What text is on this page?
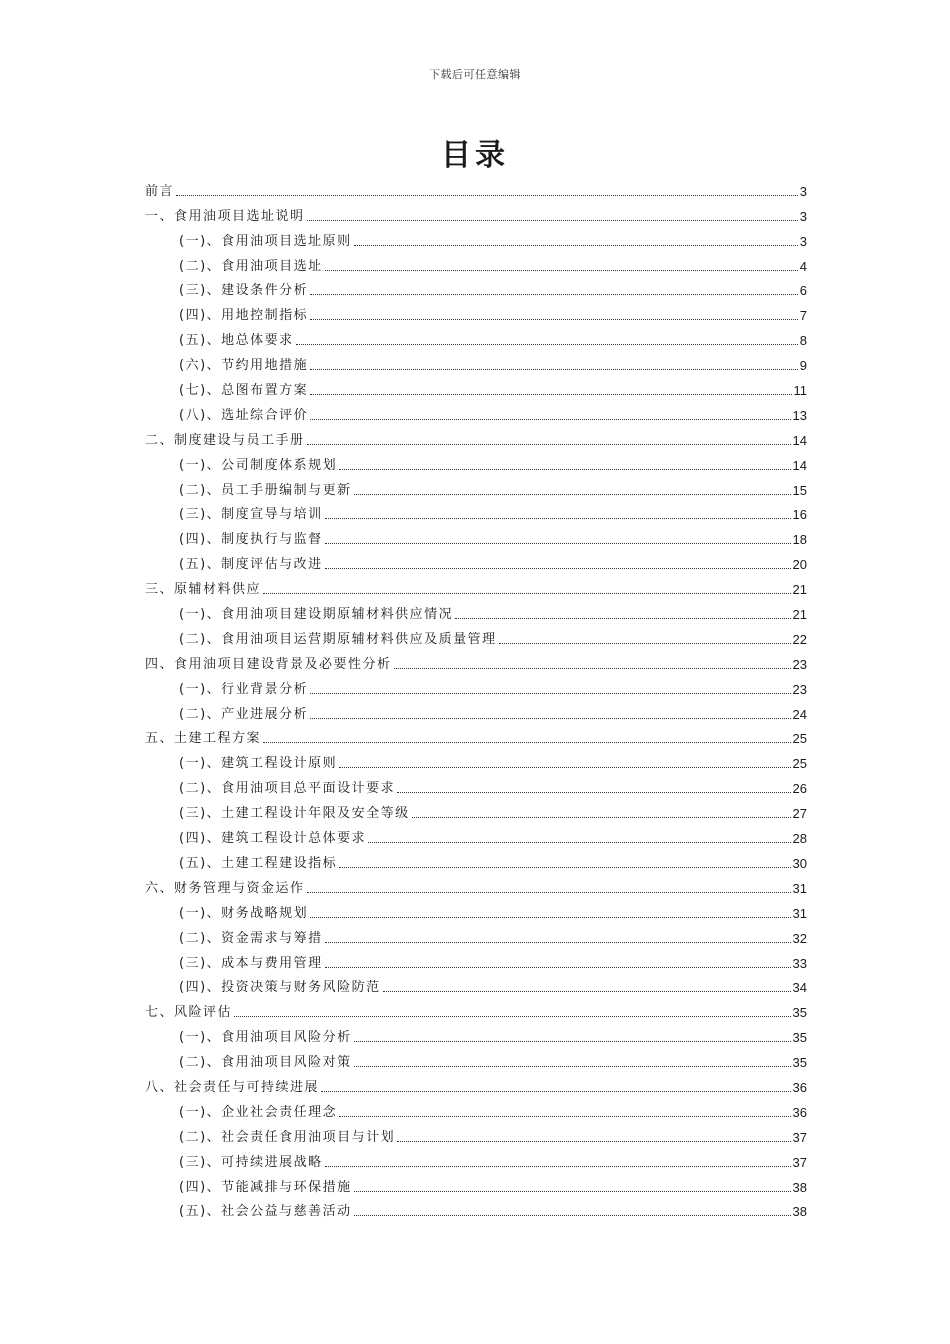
下载后可任意编辑
目录
前言	3
一、食用油项目选址说明	3
(一)、食用油项目选址原则	3
(二)、食用油项目选址	4
(三)、建设条件分析	6
(四)、用地控制指标	7
(五)、地总体要求	8
(六)、节约用地措施	9
(七)、总图布置方案	11
(八)、选址综合评价	13
二、制度建设与员工手册	14
(一)、公司制度体系规划	14
(二)、员工手册编制与更新	15
(三)、制度宣导与培训	16
(四)、制度执行与监督	18
(五)、制度评估与改进	20
三、原辅材料供应	21
(一)、食用油项目建设期原辅材料供应情况	21
(二)、食用油项目运营期原辅材料供应及质量管理	22
四、食用油项目建设背景及必要性分析	23
(一)、行业背景分析	23
(二)、产业进展分析	24
五、土建工程方案	25
(一)、建筑工程设计原则	25
(二)、食用油项目总平面设计要求	26
(三)、土建工程设计年限及安全等级	27
(四)、建筑工程设计总体要求	28
(五)、土建工程建设指标	30
六、财务管理与资金运作	31
(一)、财务战略规划	31
(二)、资金需求与筹措	32
(三)、成本与费用管理	33
(四)、投资决策与财务风险防范	34
七、风险评估	35
(一)、食用油项目风险分析	35
(二)、食用油项目风险对策	35
八、社会责任与可持续进展	36
(一)、企业社会责任理念	36
(二)、社会责任食用油项目与计划	37
(三)、可持续进展战略	37
(四)、节能减排与环保措施	38
(五)、社会公益与慈善活动	38
